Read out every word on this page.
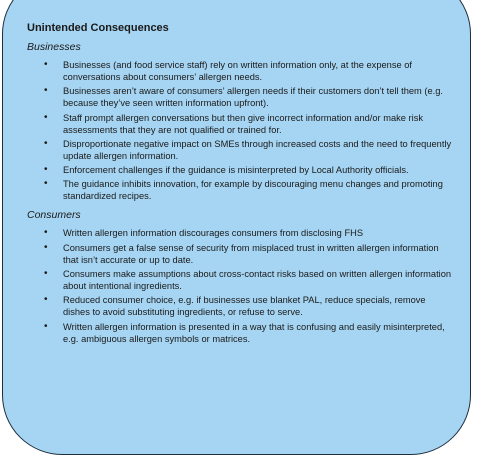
Unintended Consequences
Businesses
• Businesses (and food service staff) rely on written information only, at the expense of conversations about consumers’ allergen needs.
• Businesses aren’t aware of consumers’ allergen needs if their customers don’t tell them (e.g. because they’ve seen written information upfront).
• Staff prompt allergen conversations but then give incorrect information and/or make risk assessments that they are not qualified or trained for.
• Disproportionate negative impact on SMEs through increased costs and the need to frequently update allergen information.
• Enforcement challenges if the guidance is misinterpreted by Local Authority officials.
• The guidance inhibits innovation, for example by discouraging menu changes and promoting standardized recipes.
Consumers
• Written allergen information discourages consumers from disclosing FHS
• Consumers get a false sense of security from misplaced trust in written allergen information that isn’t accurate or up to date.
• Consumers make assumptions about cross-contact risks based on written allergen information about intentional ingredients.
• Reduced consumer choice, e.g. if businesses use blanket PAL, reduce specials, remove dishes to avoid substituting ingredients, or refuse to serve.
• Written allergen information is presented in a way that is confusing and easily misinterpreted, e.g. ambiguous allergen symbols or matrices.
